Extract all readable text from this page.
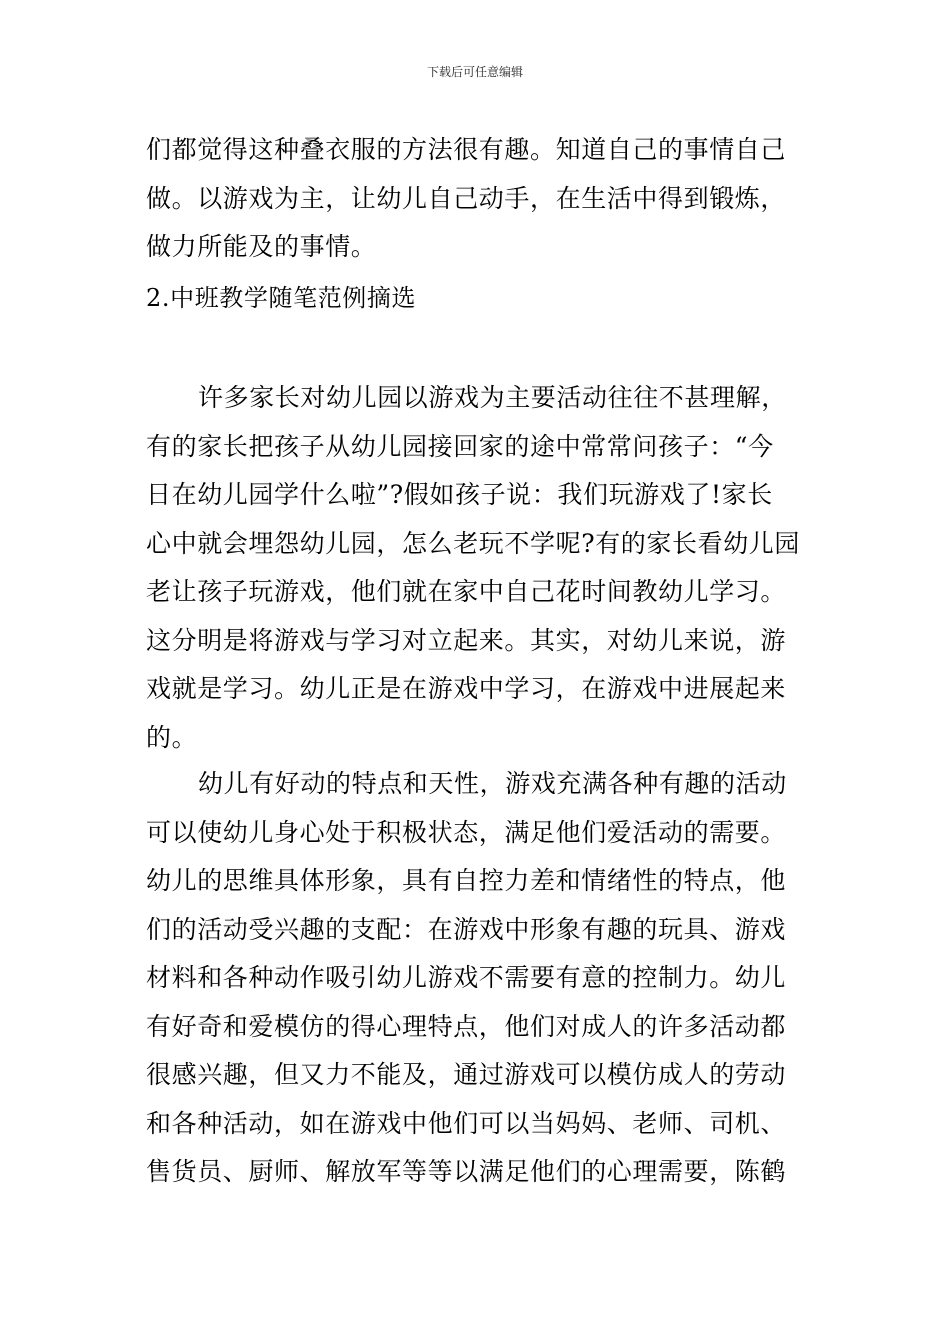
下载后可任意编辑

们都觉得这种叠衣服的方法很有趣。知道自己的事情自己
做。以游戏为主，让幼儿自己动手，在生活中得到锻炼，
做力所能及的事情。

2.中班教学随笔范例摘选

许多家长对幼儿园以游戏为主要活动往往不甚理解，
有的家长把孩子从幼儿园接回家的途中常常问孩子：“今
日在幼儿园学什么啦”?假如孩子说：我们玩游戏了!家长
心中就会埋怨幼儿园，怎么老玩不学呢?有的家长看幼儿园
老让孩子玩游戏，他们就在家中自己花时间教幼儿学习。
这分明是将游戏与学习对立起来。其实，对幼儿来说，游
戏就是学习。幼儿正是在游戏中学习，在游戏中进展起来
的。

幼儿有好动的特点和天性，游戏充满各种有趣的活动
可以使幼儿身心处于积极状态，满足他们爱活动的需要。
幼儿的思维具体形象，具有自控力差和情绪性的特点，他
们的活动受兴趣的支配：在游戏中形象有趣的玩具、游戏
材料和各种动作吸引幼儿游戏不需要有意的控制力。幼儿
有好奇和爱模仿的得心理特点，他们对成人的许多活动都
很感兴趣，但又力不能及，通过游戏可以模仿成人的劳动
和各种活动，如在游戏中他们可以当妈妈、老师、司机、
售货员、厨师、解放军等等以满足他们的心理需要，陈鹤
